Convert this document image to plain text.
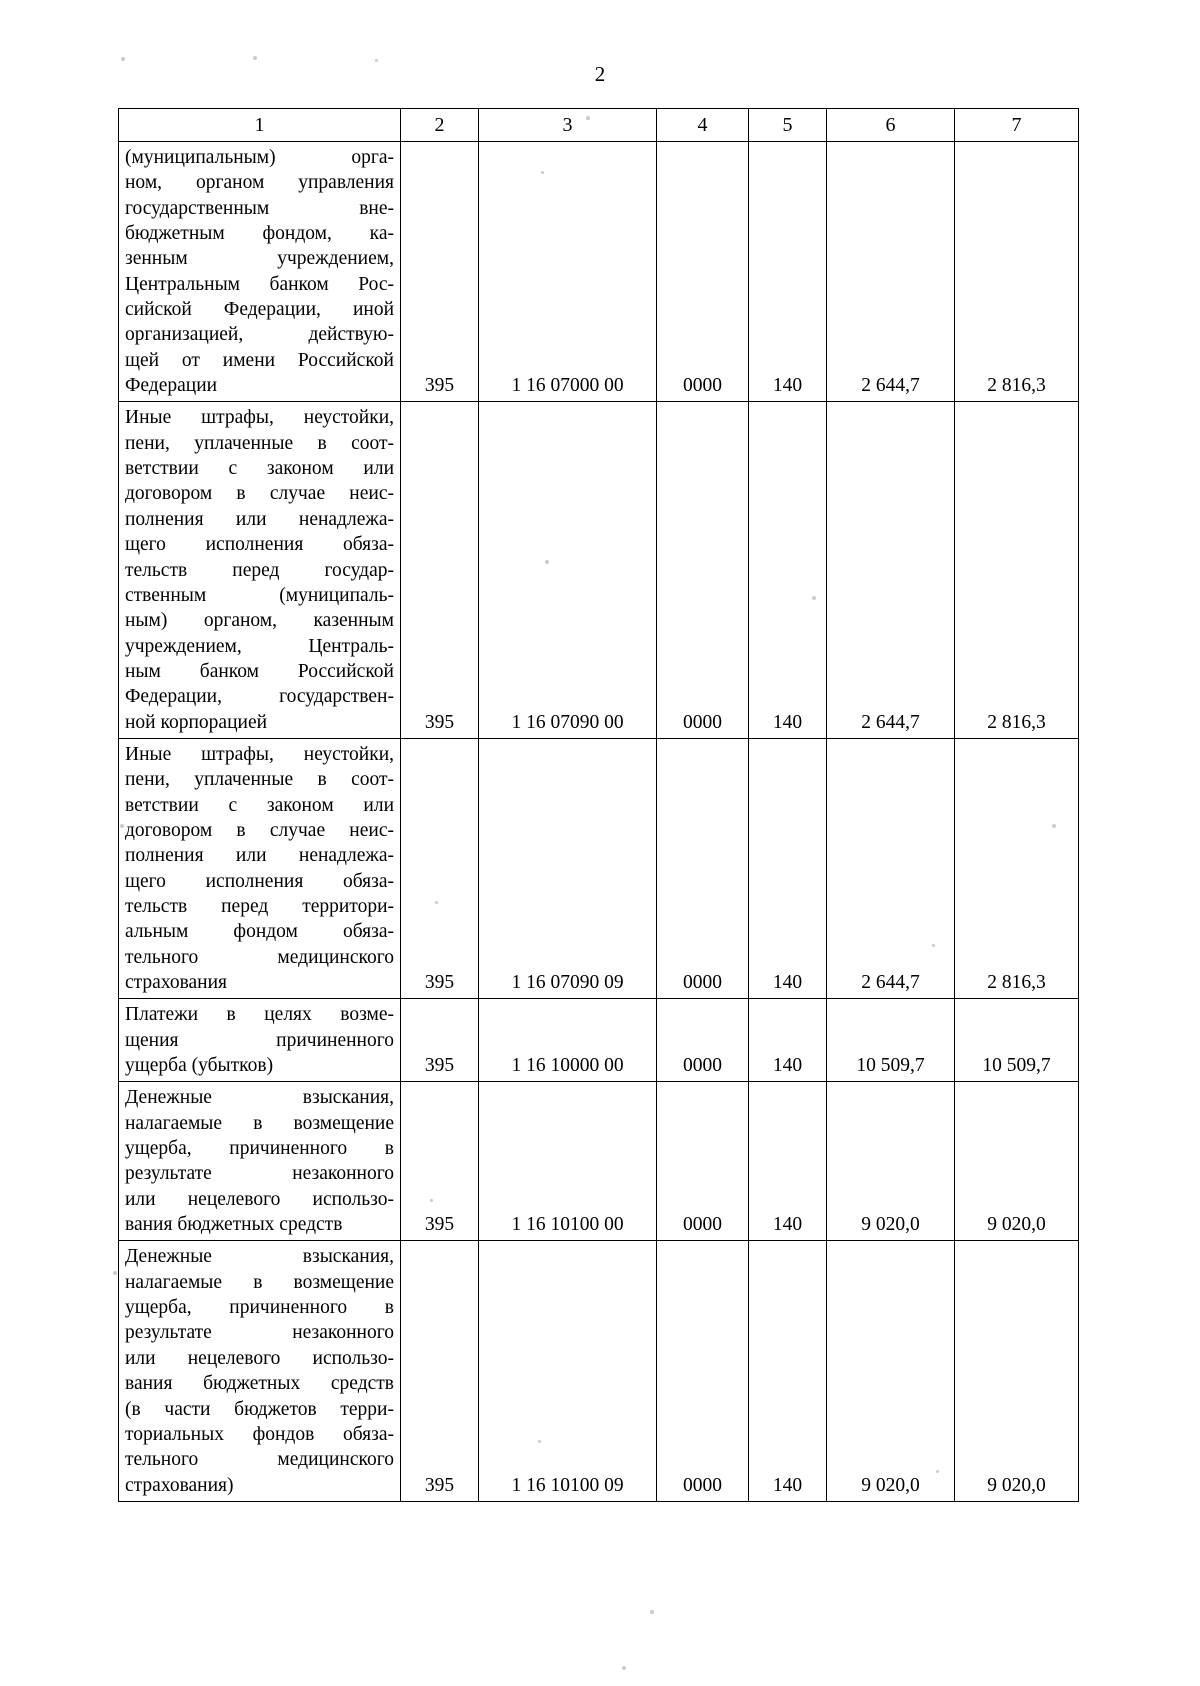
2
1	2	3	4	5	6	7

(муниципальным) орга-
ном, органом управления
государственным вне-
бюджетным фондом, ка-
зенным учреждением,
Центральным банком Рос-
сийской Федерации, иной
организацией, действую-
щей от имени Российской
Федерации	395	1 16 07000 00	0000	140	2 644,7	2 816,3

Иные штрафы, неустойки,
пени, уплаченные в соот-
ветствии с законом или
договором в случае неис-
полнения или ненадлежа-
щего исполнения обяза-
тельств перед государ-
ственным (муниципаль-
ным) органом, казенным
учреждением, Централь-
ным банком Российской
Федерации, государствен-
ной корпорацией	395	1 16 07090 00	0000	140	2 644,7	2 816,3

Иные штрафы, неустойки,
пени, уплаченные в соот-
ветствии с законом или
договором в случае неис-
полнения или ненадлежа-
щего исполнения обяза-
тельств перед территори-
альным фондом обяза-
тельного медицинского
страхования	395	1 16 07090 09	0000	140	2 644,7	2 816,3

Платежи в целях возме-
щения причиненного
ущерба (убытков)	395	1 16 10000 00	0000	140	10 509,7	10 509,7

Денежные взыскания,
налагаемые в возмещение
ущерба, причиненного в
результате незаконного
или нецелевого использо-
вания бюджетных средств	395	1 16 10100 00	0000	140	9 020,0	9 020,0

Денежные взыскания,
налагаемые в возмещение
ущерба, причиненного в
результате незаконного
или нецелевого использо-
вания бюджетных средств
(в части бюджетов терри-
ториальных фондов обяза-
тельного медицинского
страхования)	395	1 16 10100 09	0000	140	9 020,0	9 020,0
